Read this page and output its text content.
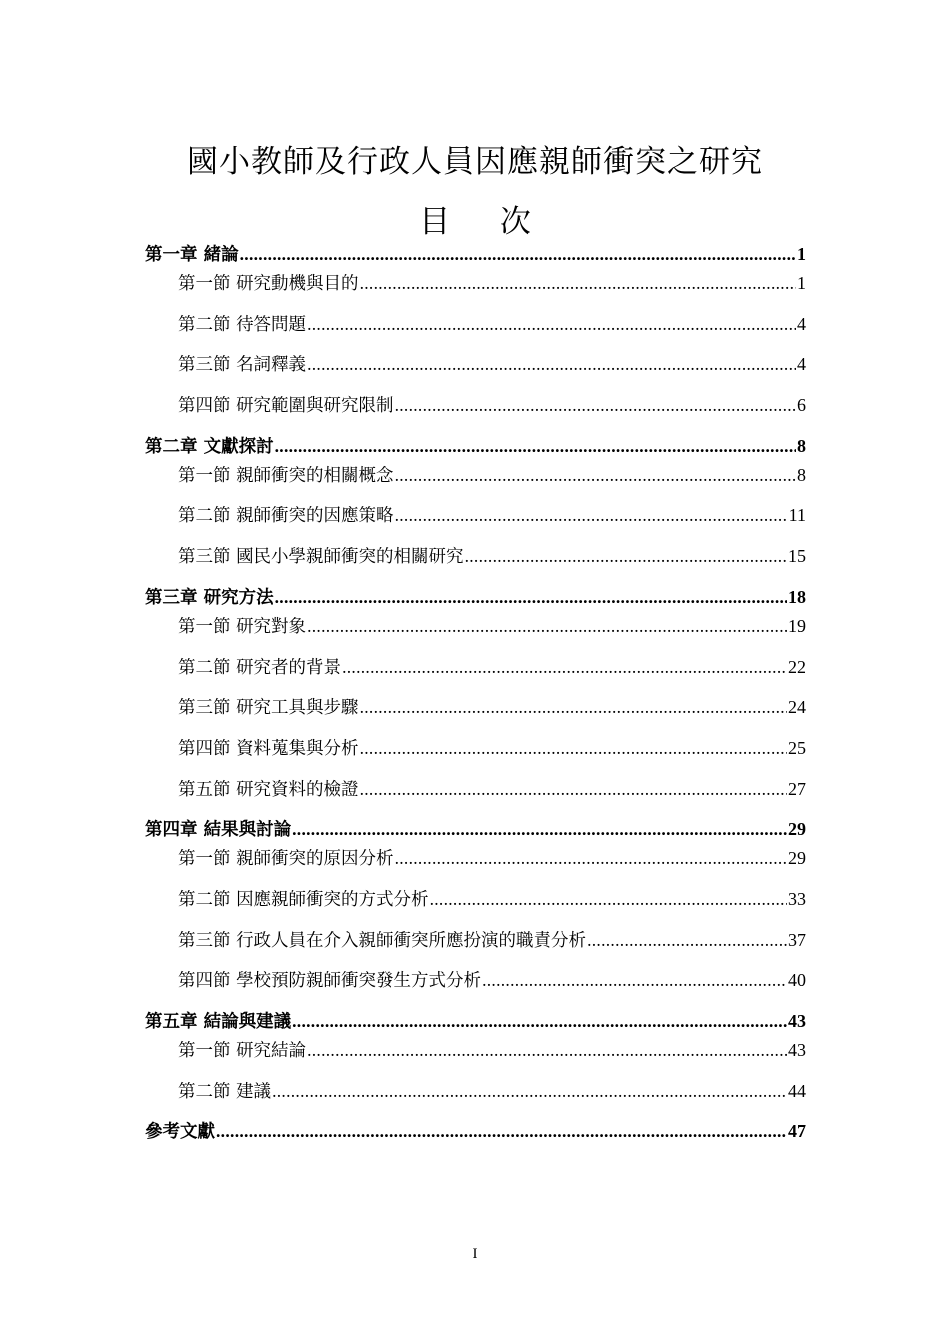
國小教師及行政人員因應親師衝突之研究
目 次
第一章 緒論 .....	1
第一節 研究動機與目的 .....	1
第二節 待答問題 .....	4
第三節 名詞釋義 .....	4
第四節 研究範圍與研究限制 .....	6
第二章 文獻探討 .....	8
第一節 親師衝突的相關概念 .....	8
第二節 親師衝突的因應策略 .....	11
第三節 國民小學親師衝突的相關研究 .....	15
第三章 研究方法 .....	18
第一節 研究對象 .....	19
第二節 研究者的背景 .....	22
第三節 研究工具與步驟 .....	24
第四節 資料蒐集與分析 .....	25
第五節 研究資料的檢證 .....	27
第四章 結果與討論 .....	29
第一節 親師衝突的原因分析 .....	29
第二節 因應親師衝突的方式分析 .....	33
第三節 行政人員在介入親師衝突所應扮演的職責分析 .....	37
第四節 學校預防親師衝突發生方式分析 .....	40
第五章 結論與建議 .....	43
第一節 研究結論 .....	43
第二節 建議 .....	44
參考文獻 .....	47
I
